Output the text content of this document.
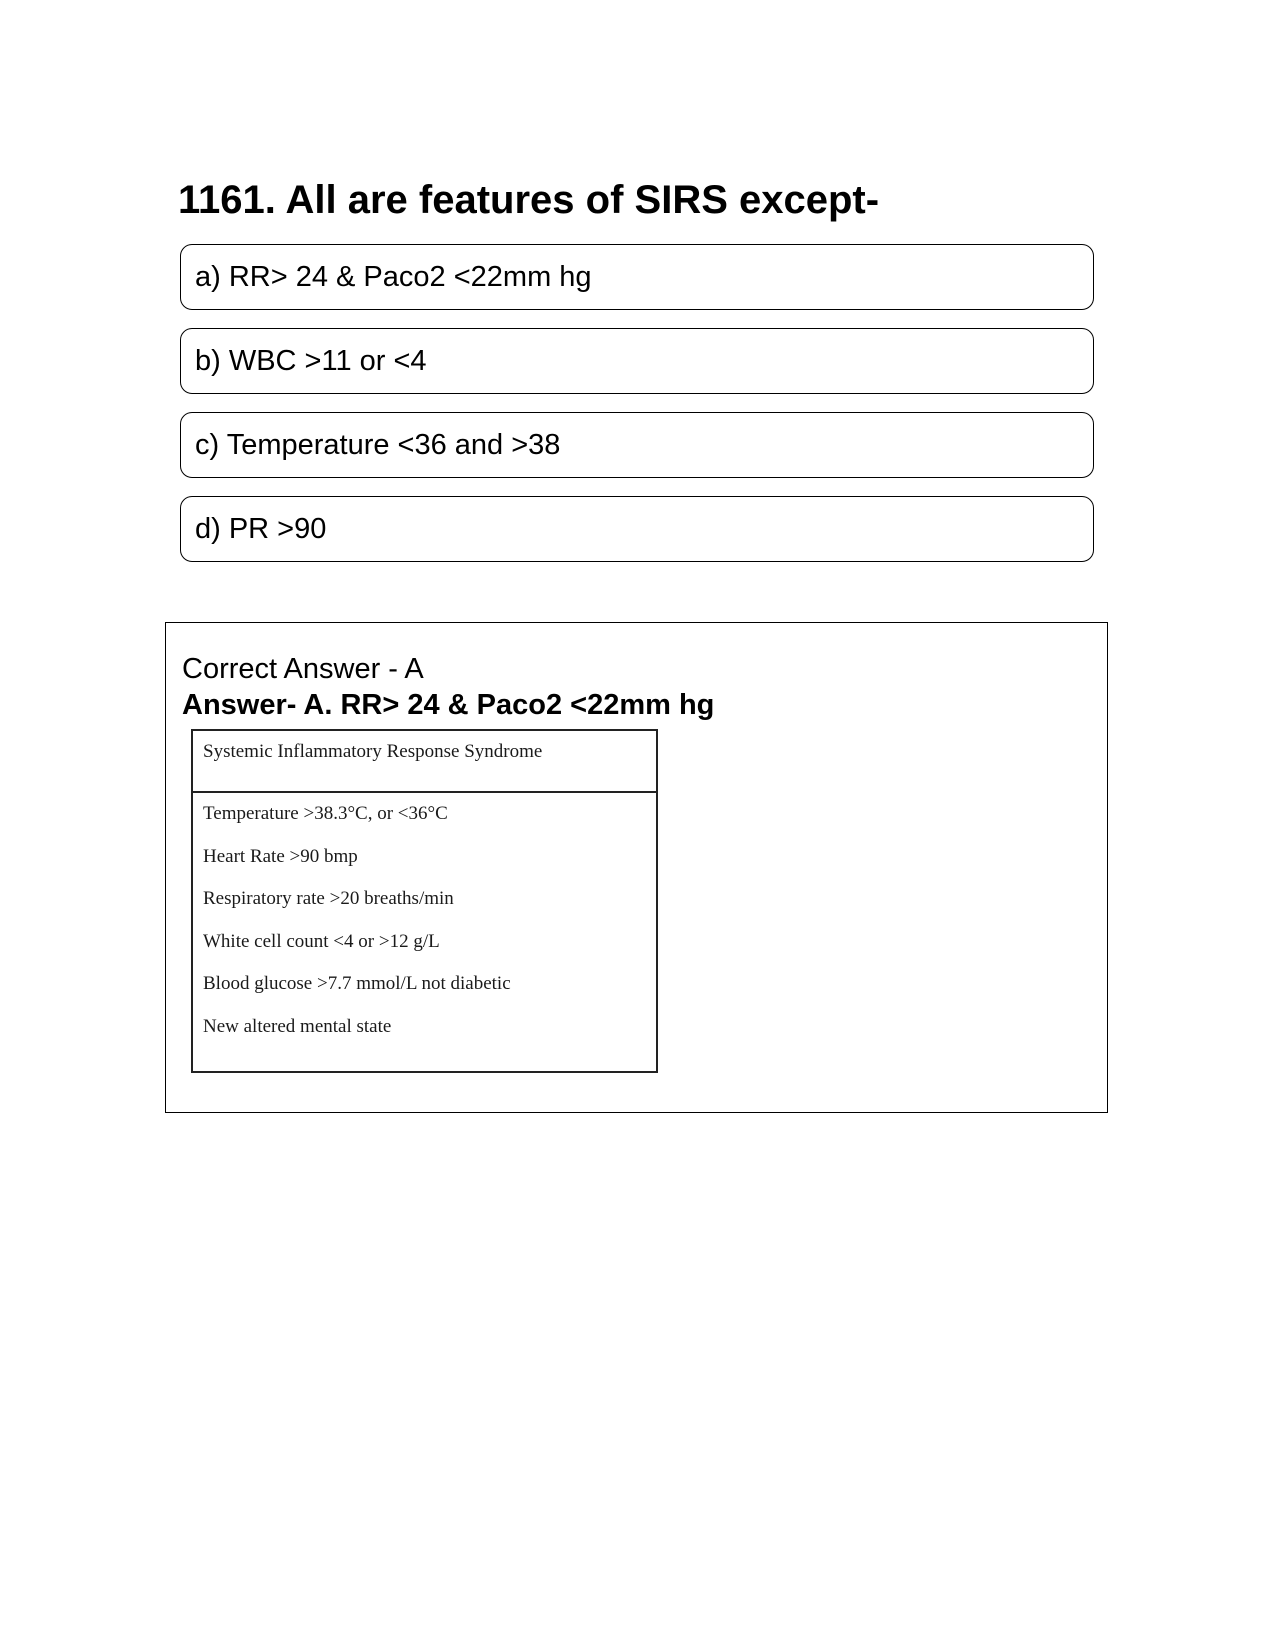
1161. All are features of SIRS except-
a) RR> 24 & Paco2 <22mm hg
b) WBC >11 or <4
c) Temperature <36 and >38
d) PR >90
Correct Answer - A
Answer- A. RR> 24 & Paco2 <22mm hg
Systemic Inflammatory Response Syndrome
Temperature >38.3°C, or <36°C
Heart Rate >90 bmp
Respiratory rate >20 breaths/min
White cell count <4 or >12 g/L
Blood glucose >7.7 mmol/L not diabetic
New altered mental state
